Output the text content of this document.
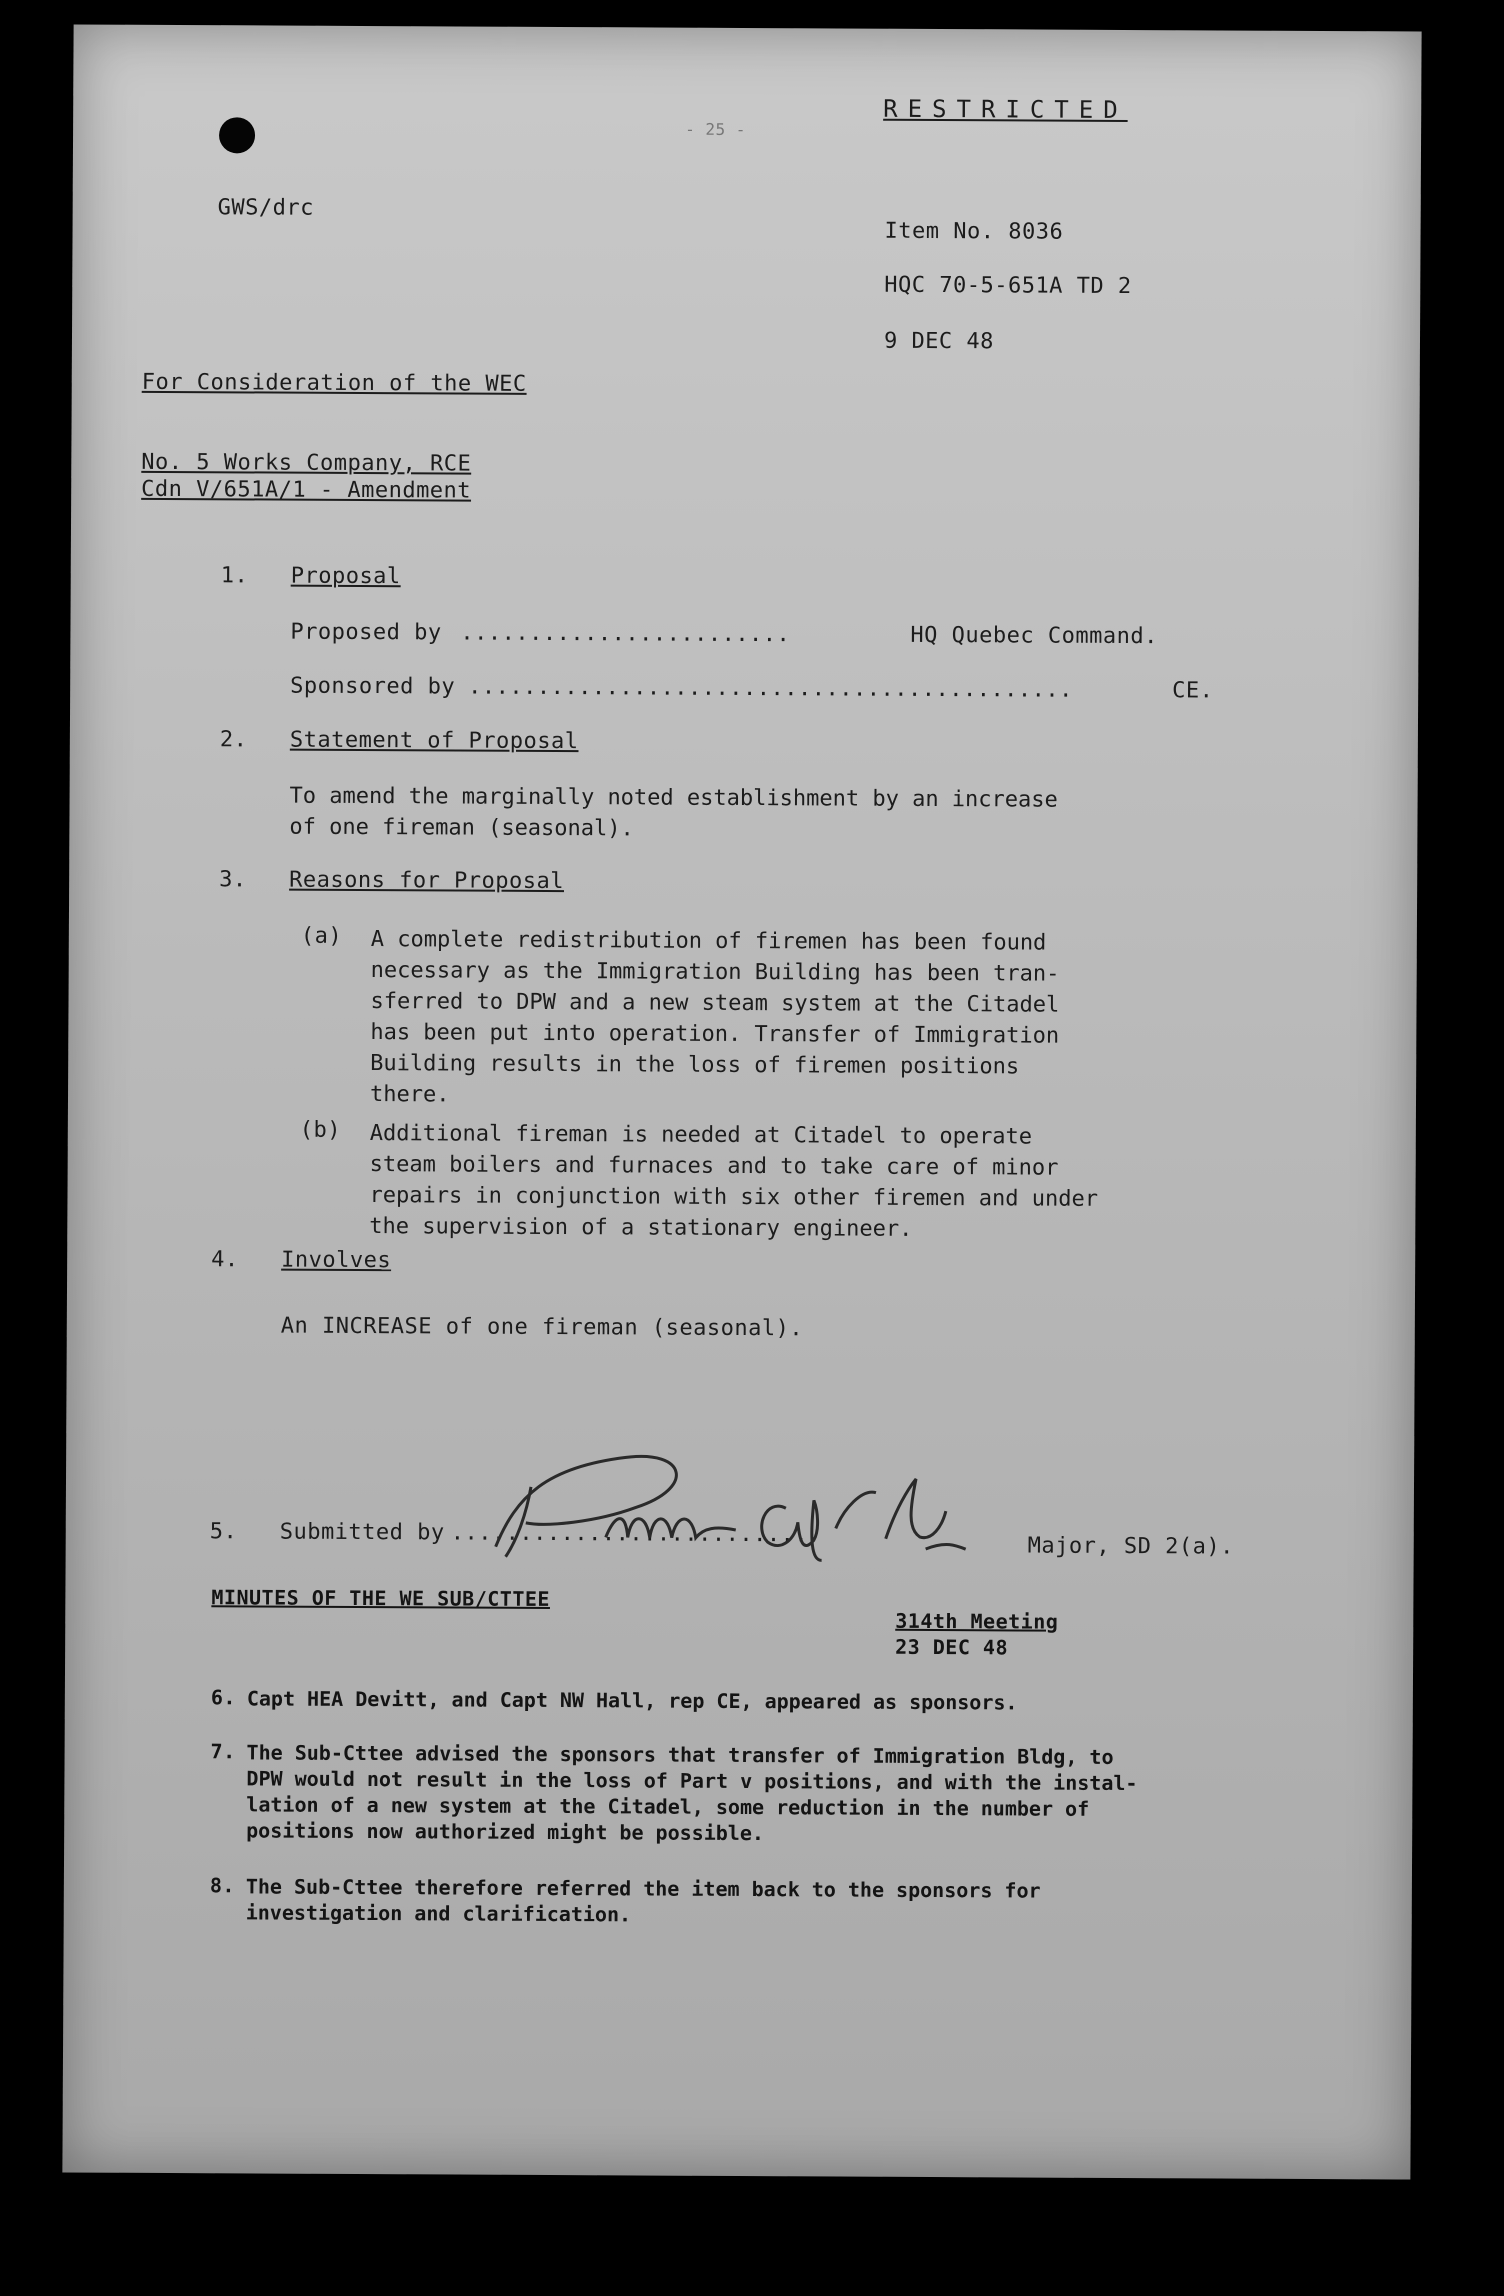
RESTRICTED
- 25 -
GWS/drc
Item No. 8036
HQC 70-5-651A TD 2
9 DEC 48
For Consideration of the WEC
No. 5 Works Company, RCE
Cdn V/651A/1 - Amendment
1. Proposal
Proposed by ........................	HQ Quebec Command.
Sponsored by ............................................	CE.
2. Statement of Proposal
To amend the marginally noted establishment by an increase
of one fireman (seasonal).
3. Reasons for Proposal
(a) A complete redistribution of firemen has been found
necessary as the Immigration Building has been tran-
sferred to DPW and a new steam system at the Citadel
has been put into operation. Transfer of Immigration
Building results in the loss of firemen positions
there.
(b) Additional fireman is needed at Citadel to operate
steam boilers and furnaces and to take care of minor
repairs in conjunction with six other firemen and under
the supervision of a stationary engineer.
4. Involves
An INCREASE of one fireman (seasonal).
5. Submitted by ..........................	Major, SD 2(a).
MINUTES OF THE WE SUB/CTTEE
314th Meeting
23 DEC 48
6. Capt HEA Devitt, and Capt NW Hall, rep CE, appeared as sponsors.
7. The Sub-Cttee advised the sponsors that transfer of Immigration Bldg, to
DPW would not result in the loss of Part v positions, and with the instal-
lation of a new system at the Citadel, some reduction in the number of
positions now authorized might be possible.
8. The Sub-Cttee therefore referred the item back to the sponsors for
investigation and clarification.
